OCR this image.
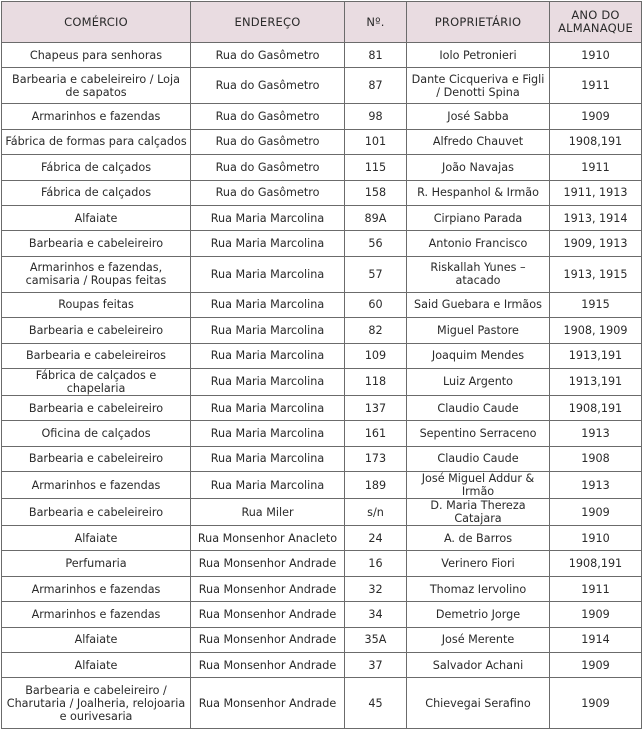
COMÉRCIO	ENDEREÇO	Nº.	PROPRIETÁRIO	ANO DO ALMANAQUE
Chapeus para senhoras	Rua do Gasômetro	81	Iolo Petronieri	1910
Barbearia e cabeleireiro / Loja de sapatos	Rua do Gasômetro	87	Dante Cicqueriva e Figli / Denotti Spina	1911
Armarinhos e fazendas	Rua do Gasômetro	98	José Sabba	1909
Fábrica de formas para calçados	Rua do Gasômetro	101	Alfredo Chauvet	1908,191
Fábrica de calçados	Rua do Gasômetro	115	João Navajas	1911
Fábrica de calçados	Rua do Gasômetro	158	R. Hespanhol & Irmão	1911, 1913
Alfaiate	Rua Maria Marcolina	89A	Cirpiano Parada	1913, 1914
Barbearia e cabeleireiro	Rua Maria Marcolina	56	Antonio Francisco	1909, 1913
Armarinhos e fazendas, camisaria / Roupas feitas	Rua Maria Marcolina	57	Riskallah Yunes – atacado	1913, 1915
Roupas feitas	Rua Maria Marcolina	60	Said Guebara e Irmãos	1915
Barbearia e cabeleireiro	Rua Maria Marcolina	82	Miguel Pastore	1908, 1909
Barbearia e cabeleireiros	Rua Maria Marcolina	109	Joaquim Mendes	1913,191
Fábrica de calçados e chapelaria	Rua Maria Marcolina	118	Luiz Argento	1913,191
Barbearia e cabeleireiro	Rua Maria Marcolina	137	Claudio Caude	1908,191
Oficina de calçados	Rua Maria Marcolina	161	Sepentino Serraceno	1913
Barbearia e cabeleireiro	Rua Maria Marcolina	173	Claudio Caude	1908
Armarinhos e fazendas	Rua Maria Marcolina	189	José Miguel Addur & Irmão	1913
Barbearia e cabeleireiro	Rua Miler	s/n	D. Maria Thereza Catajara	1909
Alfaiate	Rua Monsenhor Anacleto	24	A. de Barros	1910
Perfumaria	Rua Monsenhor Andrade	16	Verinero Fiori	1908,191
Armarinhos e fazendas	Rua Monsenhor Andrade	32	Thomaz Iervolino	1911
Armarinhos e fazendas	Rua Monsenhor Andrade	34	Demetrio Jorge	1909
Alfaiate	Rua Monsenhor Andrade	35A	José Merente	1914
Alfaiate	Rua Monsenhor Andrade	37	Salvador Achani	1909
Barbearia e cabeleireiro / Charutaria / Joalheria, relojoaria e ourivesaria	Rua Monsenhor Andrade	45	Chievegai Serafino	1909
